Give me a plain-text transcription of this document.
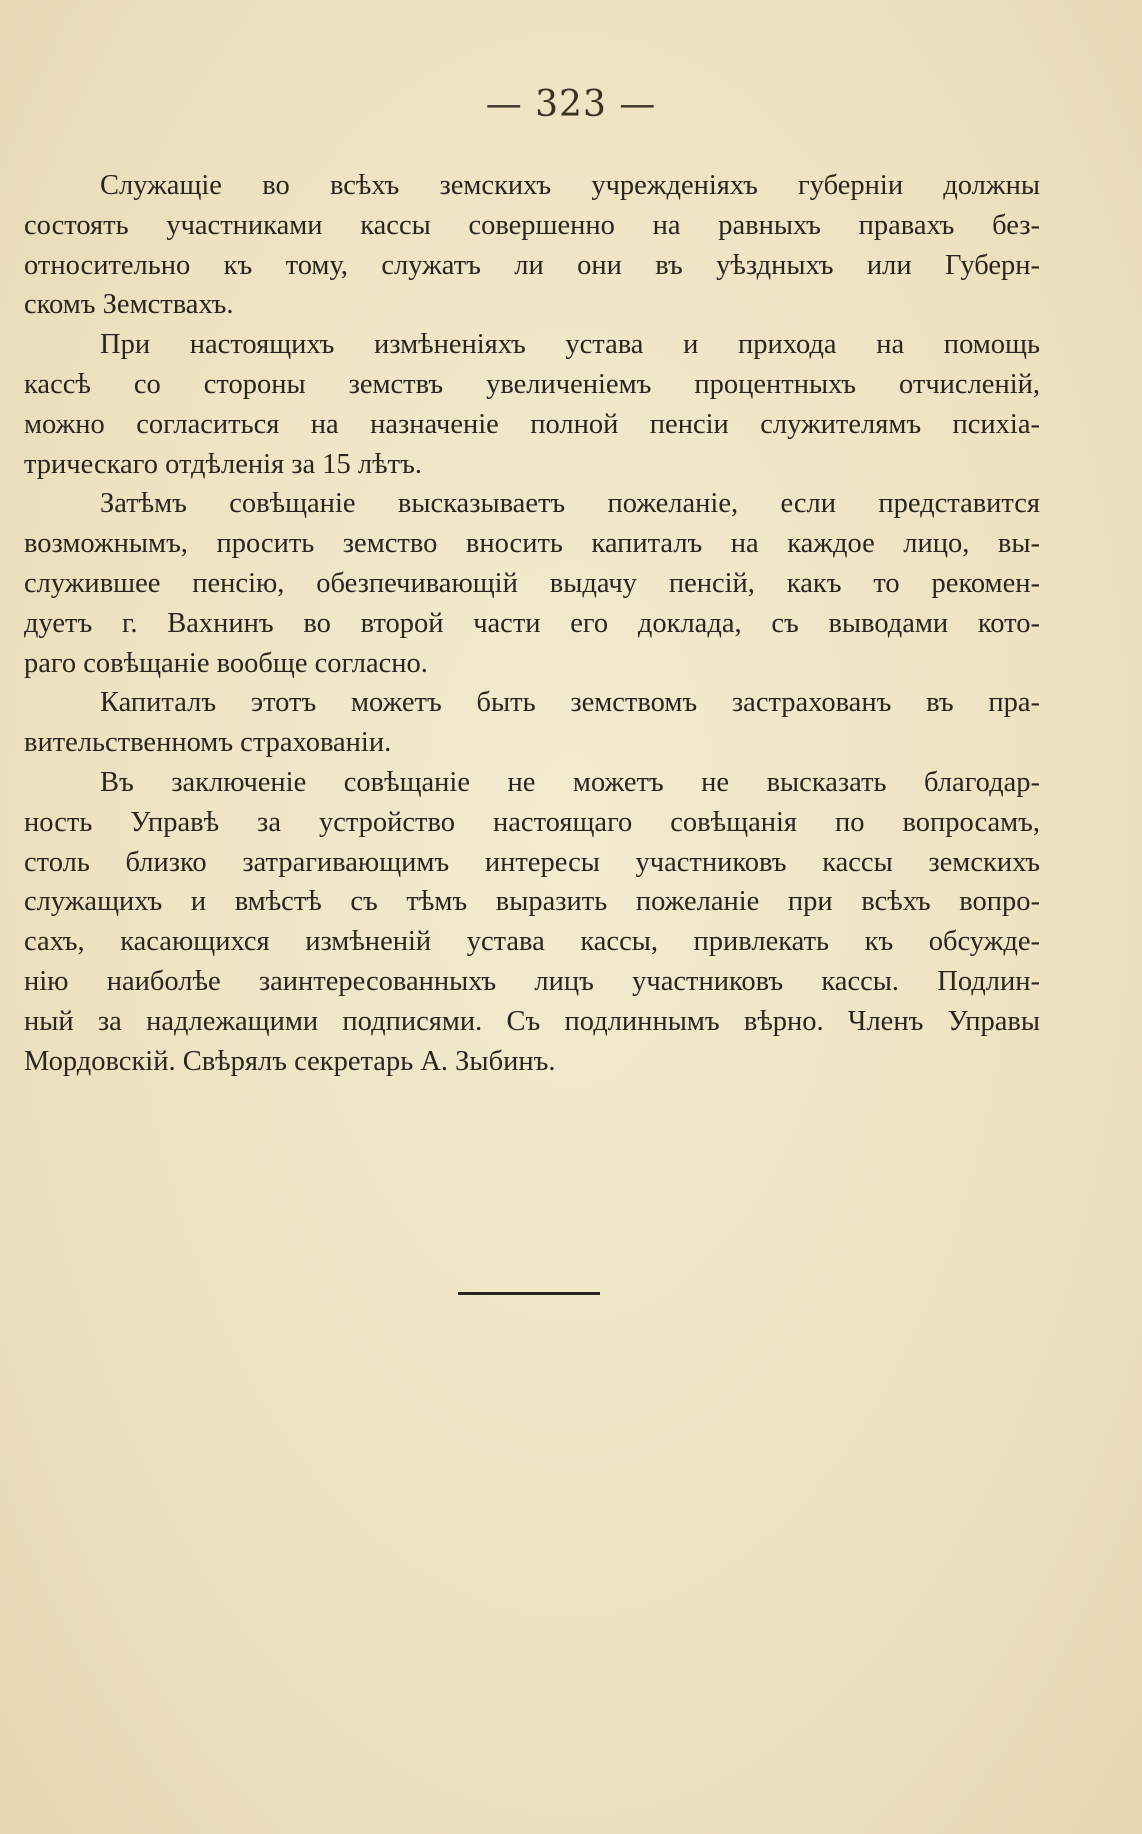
— 323 —
Служащіе во всѣхъ земскихъ учрежденіяхъ губерніи должны
состоять участниками кассы совершенно на равныхъ правахъ без-
относительно къ тому, служатъ ли они въ уѣздныхъ или Губерн-
скомъ Земствахъ.
При настоящихъ измѣненіяхъ устава и прихода на помощь
кассѣ со стороны земствъ увеличеніемъ процентныхъ отчисленій,
можно согласиться на назначеніе полной пенсіи служителямъ психіа-
трическаго отдѣленія за 15 лѣтъ.
Затѣмъ совѣщаніе высказываетъ пожеланіе, если представится
возможнымъ, просить земство вносить капиталъ на каждое лицо, вы-
служившее пенсію, обезпечивающій выдачу пенсій, какъ то рекомен-
дуетъ г. Вахнинъ во второй части его доклада, съ выводами кото-
раго совѣщаніе вообще согласно.
Капиталъ этотъ можетъ быть земствомъ застрахованъ въ пра-
вительственномъ страхованіи.
Въ заключеніе совѣщаніе не можетъ не высказать благодар-
ность Управѣ за устройство настоящаго совѣщанія по вопросамъ,
столь близко затрагивающимъ интересы участниковъ кассы земскихъ
служащихъ и вмѣстѣ съ тѣмъ выразить пожеланіе при всѣхъ вопро-
сахъ, касающихся измѣненій устава кассы, привлекать къ обсужде-
нію наиболѣе заинтересованныхъ лицъ участниковъ кассы. Подлин-
ный за надлежащими подписями. Съ подлиннымъ вѣрно. Членъ Управы
Мордовскій. Свѣрялъ секретарь А. Зыбинъ.
